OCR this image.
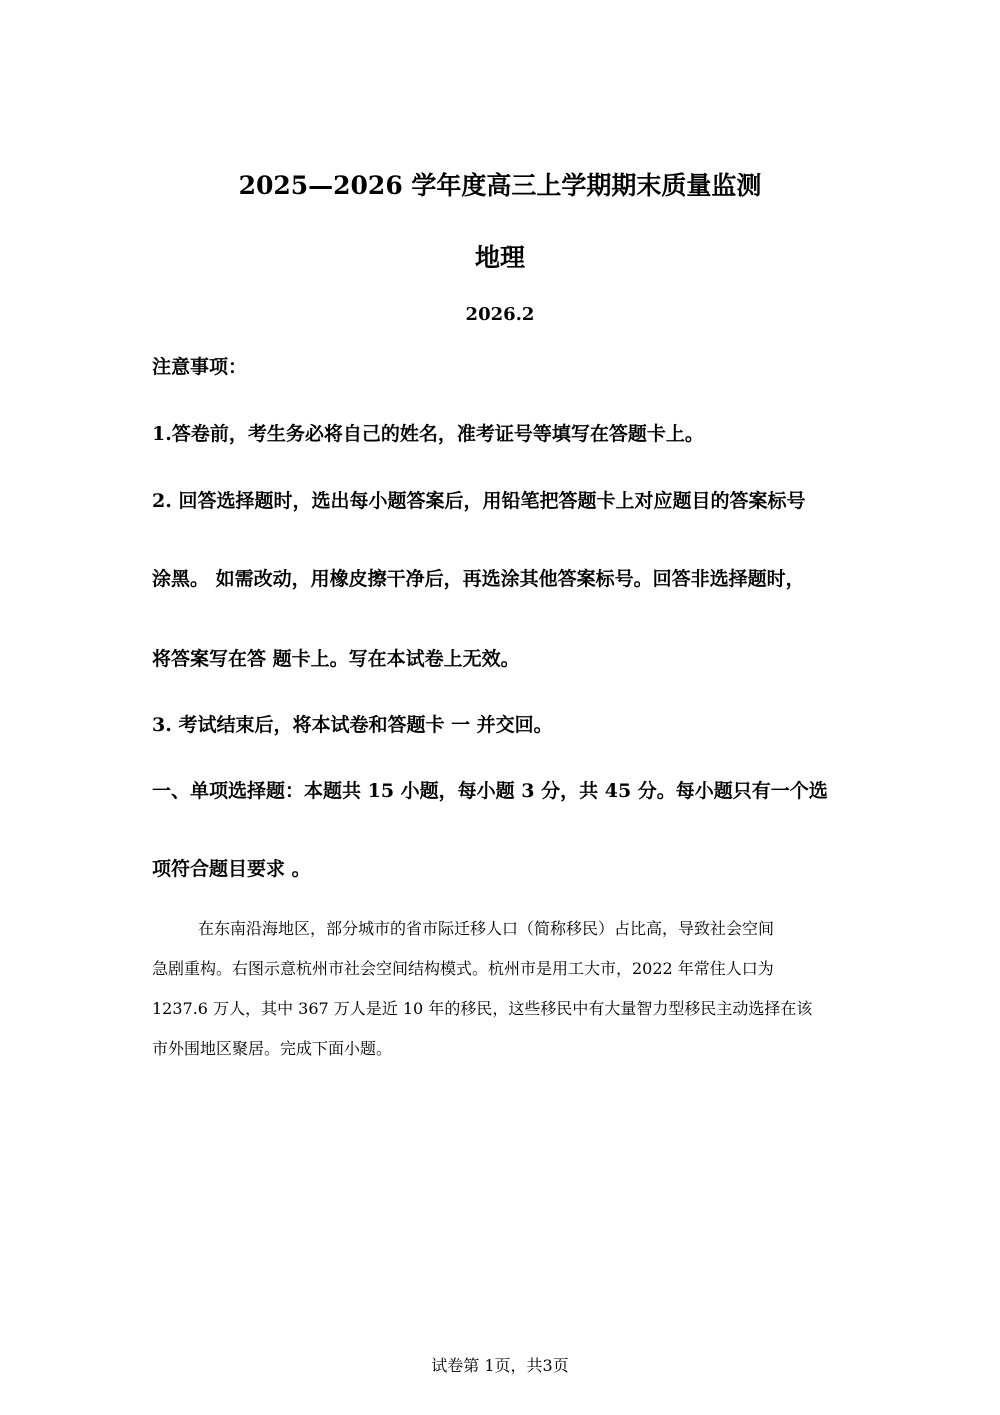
2025—2026 学年度高三上学期期末质量监测
地理
2026.2
注意事项：
1.答卷前，考生务必将自己的姓名，准考证号等填写在答题卡上。
2. 回答选择题时，选出每小题答案后，用铅笔把答题卡上对应题目的答案标号
涂黑。 如需改动，用橡皮擦干净后，再选涂其他答案标号。回答非选择题时，
将答案写在答 题卡上。写在本试卷上无效。
3. 考试结束后，将本试卷和答题卡 一 并交回。
一、单项选择题：本题共 15 小题，每小题 3 分，共 45 分。每小题只有一个选
项符合题目要求 。
在东南沿海地区，部分城市的省市际迁移人口（简称移民）占比高，导致社会空间
急剧重构。右图示意杭州市社会空间结构模式。杭州市是用工大市，2022 年常住人口为
1237.6 万人，其中 367 万人是近 10 年的移民，这些移民中有大量智力型移民主动选择在该
市外围地区聚居。完成下面小题。
试卷第 1页，共3页
